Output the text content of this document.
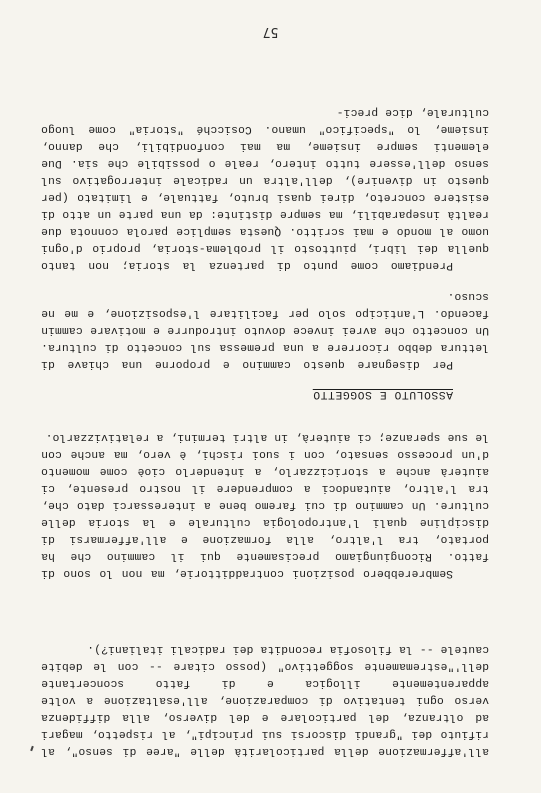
all'affermazione della particolarità delle "aree di senso", al rifiuto dei "grandi discorsi sui principi", al rispetto, magari ad oltranza, del particolare e del diverso, alla diffidenza verso ogni tentativo di comparazione, all'esaltazione a volte apparentemente illogica e di fatto sconcertante dell'"estremamente soggettivo" (posso citare -- con le debite cautele -- la filosofia recondita dei radicali italiani?).
Sembrerebbero posizioni contraddittorie, ma non lo sono di fatto. Ricongiungiamo precisamente qui il cammino che ha portato, tra l'altro, alla formazione e all'affermarsi di discipline quali l'antropologia culturale e la storia delle culture. Un cammino di cui faremo bene a interessarci dato che, tra l'altro, aiutandoci a comprendere il nostro presente, ci aiuterà anche a storicizzarlo, a intenderlo cioè come momento d'un processo sensato, con i suoi rischi, è vero, ma anche con le sue speranze; ci aiuterà, in altri termini, a relativizzarlo.
ASSOLUTO E SOGGETTO
Per disegnare questo cammino e proporne una chiave di lettura debbo ricorrere a una premessa sul concetto di cultura. Un concetto che avrei invece dovuto introdurre e motivare cammin facendo. L'anticipo solo per facilitare l'esposizione, e me ne scuso.
Prendiamo come punto di partenza la storia; non tanto quella dei libri, piuttosto il problema-storia, proprio d'ogni uomo al mondo e mai scritto. Questa semplice parola connota due realtà inseparabili, ma sempre distinte: da una parte un atto di esistere concreto, direi quasi bruto, fattuale, e limitato (per questo in divenire), dell'altra un radicale interrogativo sul senso dell'essere tutto intero, reale o possibile che sia. Due elementi sempre insieme, ma mai confondibili, che danno, insieme, lo "specifico" umano. Cosicché "storia" come luogo culturale, dice preci-
57
